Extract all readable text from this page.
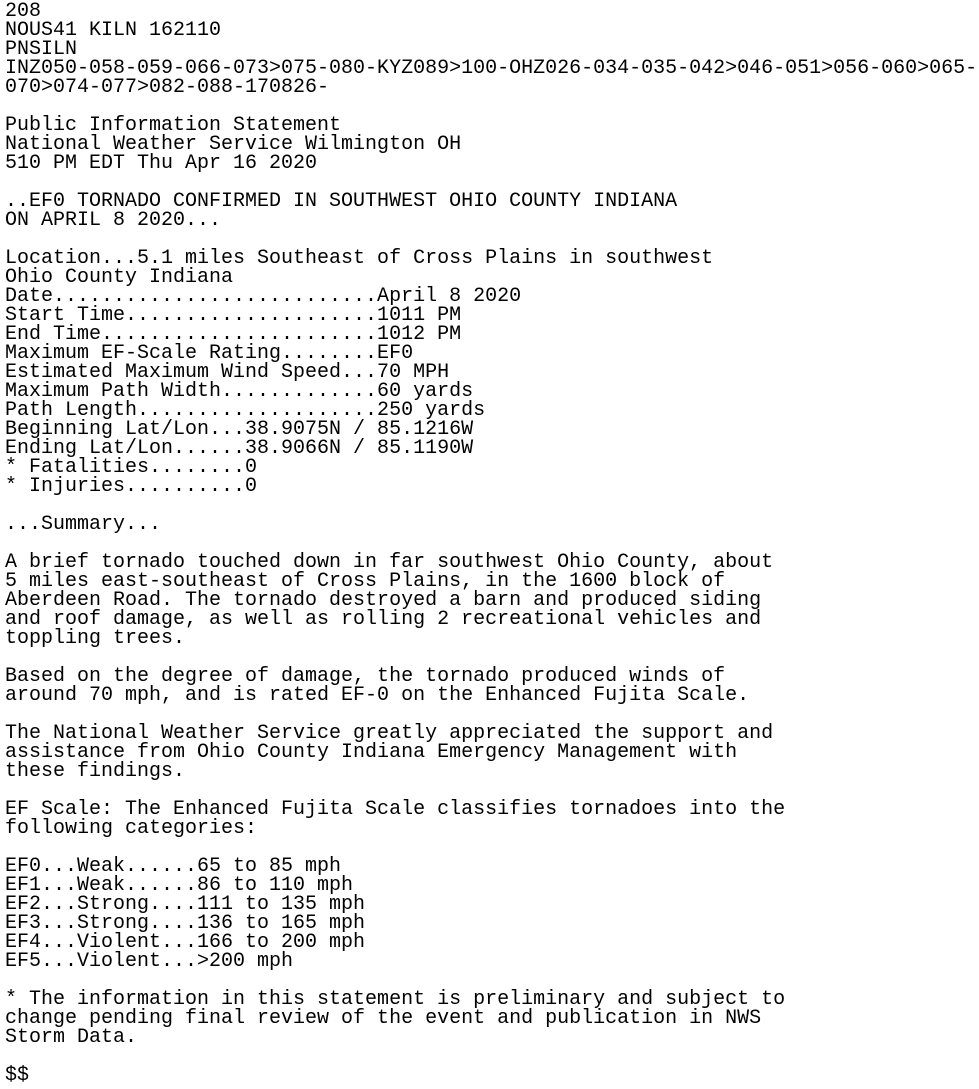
208
NOUS41 KILN 162110
PNSILN
INZ050-058-059-066-073>075-080-KYZ089>100-OHZ026-034-035-042>046-051>056-060>065-
070>074-077>082-088-170826-
Public Information Statement
National Weather Service Wilmington OH
510 PM EDT Thu Apr 16 2020
..EF0 TORNADO CONFIRMED IN SOUTHWEST OHIO COUNTY INDIANA
ON APRIL 8 2020...
Location...5.1 miles Southeast of Cross Plains in southwest
Ohio County Indiana
Date...........................April 8 2020
Start Time.....................1011 PM
End Time.......................1012 PM
Maximum EF-Scale Rating........EF0
Estimated Maximum Wind Speed...70 MPH
Maximum Path Width.............60 yards
Path Length....................250 yards
Beginning Lat/Lon...38.9075N / 85.1216W
Ending Lat/Lon......38.9066N / 85.1190W
* Fatalities........0
* Injuries..........0
...Summary...
A brief tornado touched down in far southwest Ohio County, about
5 miles east-southeast of Cross Plains, in the 1600 block of
Aberdeen Road. The tornado destroyed a barn and produced siding
and roof damage, as well as rolling 2 recreational vehicles and
toppling trees.
Based on the degree of damage, the tornado produced winds of
around 70 mph, and is rated EF-0 on the Enhanced Fujita Scale.
The National Weather Service greatly appreciated the support and
assistance from Ohio County Indiana Emergency Management with
these findings.
EF Scale: The Enhanced Fujita Scale classifies tornadoes into the
following categories:
EF0...Weak......65 to 85 mph
EF1...Weak......86 to 110 mph
EF2...Strong....111 to 135 mph
EF3...Strong....136 to 165 mph
EF4...Violent...166 to 200 mph
EF5...Violent...>200 mph
* The information in this statement is preliminary and subject to
change pending final review of the event and publication in NWS
Storm Data.
$$
